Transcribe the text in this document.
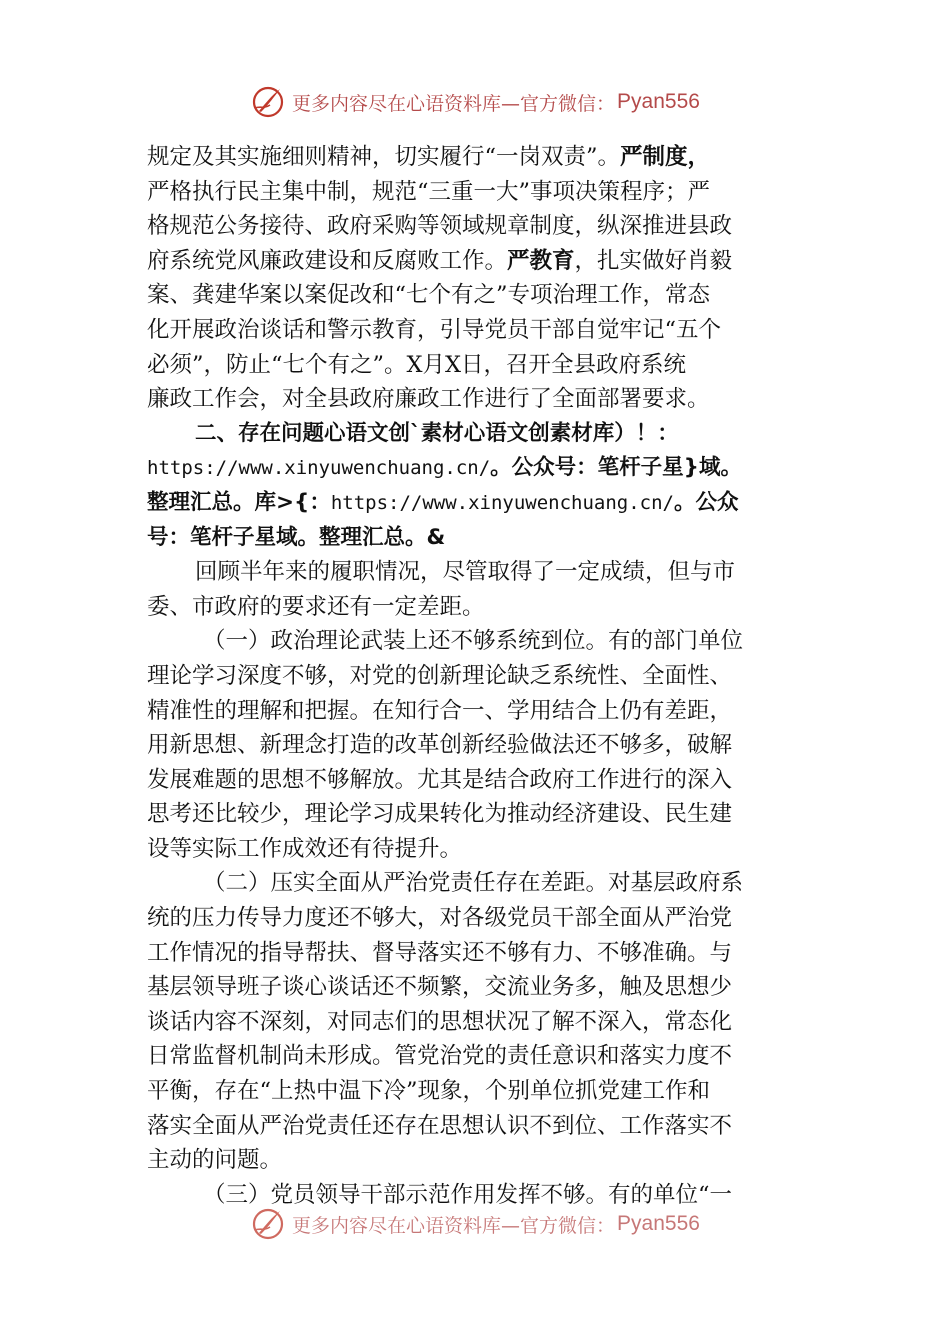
更多内容尽在心语资料库—官方微信： Pyan556
规定及其实施细则精神，切实履行“一岗双责”。严制度，
严格执行民主集中制，规范“三重一大”事项决策程序；严
格规范公务接待、政府采购等领域规章制度，纵深推进县政
府系统党风廉政建设和反腐败工作。严教育，扎实做好肖毅
案、龚建华案以案促改和“七个有之”专项治理工作，常态
化开展政治谈话和警示教育，引导党员干部自觉牢记“五个
必须”，防止“七个有之”。X月X日，召开全县政府系统
廉政工作会，对全县政府廉政工作进行了全面部署要求。
二、存在问题心语文创`素材心语文创素材库）！：
https://www.xinyuwenchuang.cn/。公众号：笔杆子星}域。
整理汇总。库>{：https://www.xinyuwenchuang.cn/。公众
号：笔杆子星域。整理汇总。&
回顾半年来的履职情况，尽管取得了一定成绩，但与市
委、市政府的要求还有一定差距。
（一）政治理论武装上还不够系统到位。有的部门单位
理论学习深度不够，对党的创新理论缺乏系统性、全面性、
精准性的理解和把握。在知行合一、学用结合上仍有差距，
用新思想、新理念打造的改革创新经验做法还不够多，破解
发展难题的思想不够解放。尤其是结合政府工作进行的深入
思考还比较少，理论学习成果转化为推动经济建设、民生建
设等实际工作成效还有待提升。
（二）压实全面从严治党责任存在差距。对基层政府系
统的压力传导力度还不够大，对各级党员干部全面从严治党
工作情况的指导帮扶、督导落实还不够有力、不够准确。与
基层领导班子谈心谈话还不频繁，交流业务多，触及思想少
谈话内容不深刻，对同志们的思想状况了解不深入，常态化
日常监督机制尚未形成。管党治党的责任意识和落实力度不
平衡，存在“上热中温下冷”现象，个别单位抓党建工作和
落实全面从严治党责任还存在思想认识不到位、工作落实不
主动的问题。
（三）党员领导干部示范作用发挥不够。有的单位“一
更多内容尽在心语资料库—官方微信： Pyan556
